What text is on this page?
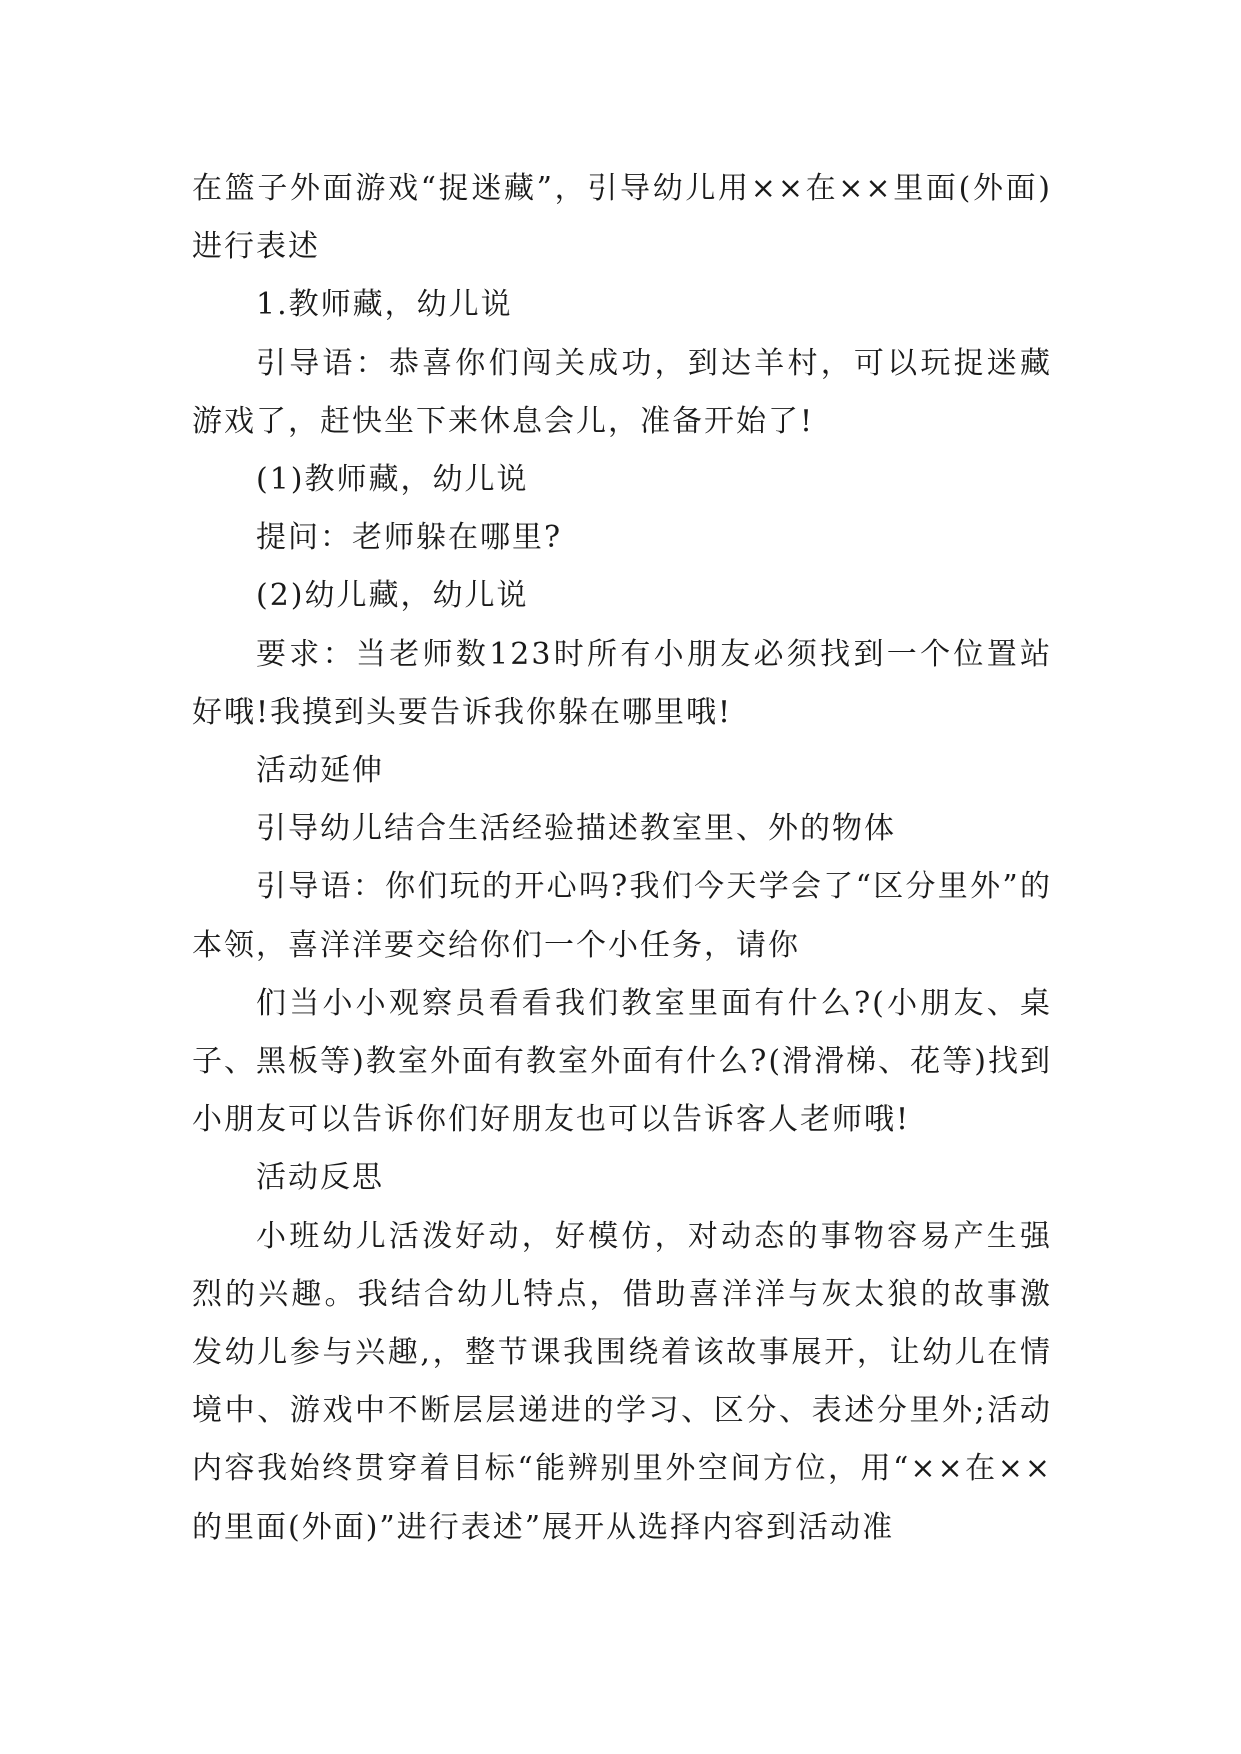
在篮子外面游戏“捉迷藏”，引导幼儿用××在××里面(外面)进行表述

1.教师藏，幼儿说

引导语：恭喜你们闯关成功，到达羊村，可以玩捉迷藏游戏了，赶快坐下来休息会儿，准备开始了!

(1)教师藏，幼儿说

提问：老师躲在哪里?

(2)幼儿藏，幼儿说

要求：当老师数123时所有小朋友必须找到一个位置站好哦!我摸到头要告诉我你躲在哪里哦!

活动延伸

引导幼儿结合生活经验描述教室里、外的物体

引导语：你们玩的开心吗?我们今天学会了“区分里外”的本领，喜洋洋要交给你们一个小任务，请你

们当小小观察员看看我们教室里面有什么?(小朋友、桌子、黑板等)教室外面有教室外面有什么?(滑滑梯、花等)找到小朋友可以告诉你们好朋友也可以告诉客人老师哦!

活动反思

小班幼儿活泼好动，好模仿，对动态的事物容易产生强烈的兴趣。我结合幼儿特点，借助喜洋洋与灰太狼的故事激发幼儿参与兴趣,，整节课我围绕着该故事展开，让幼儿在情境中、游戏中不断层层递进的学习、区分、表述分里外;活动内容我始终贯穿着目标“能辨别里外空间方位，用“××在××的里面(外面)”进行表述”展开从选择内容到活动准
